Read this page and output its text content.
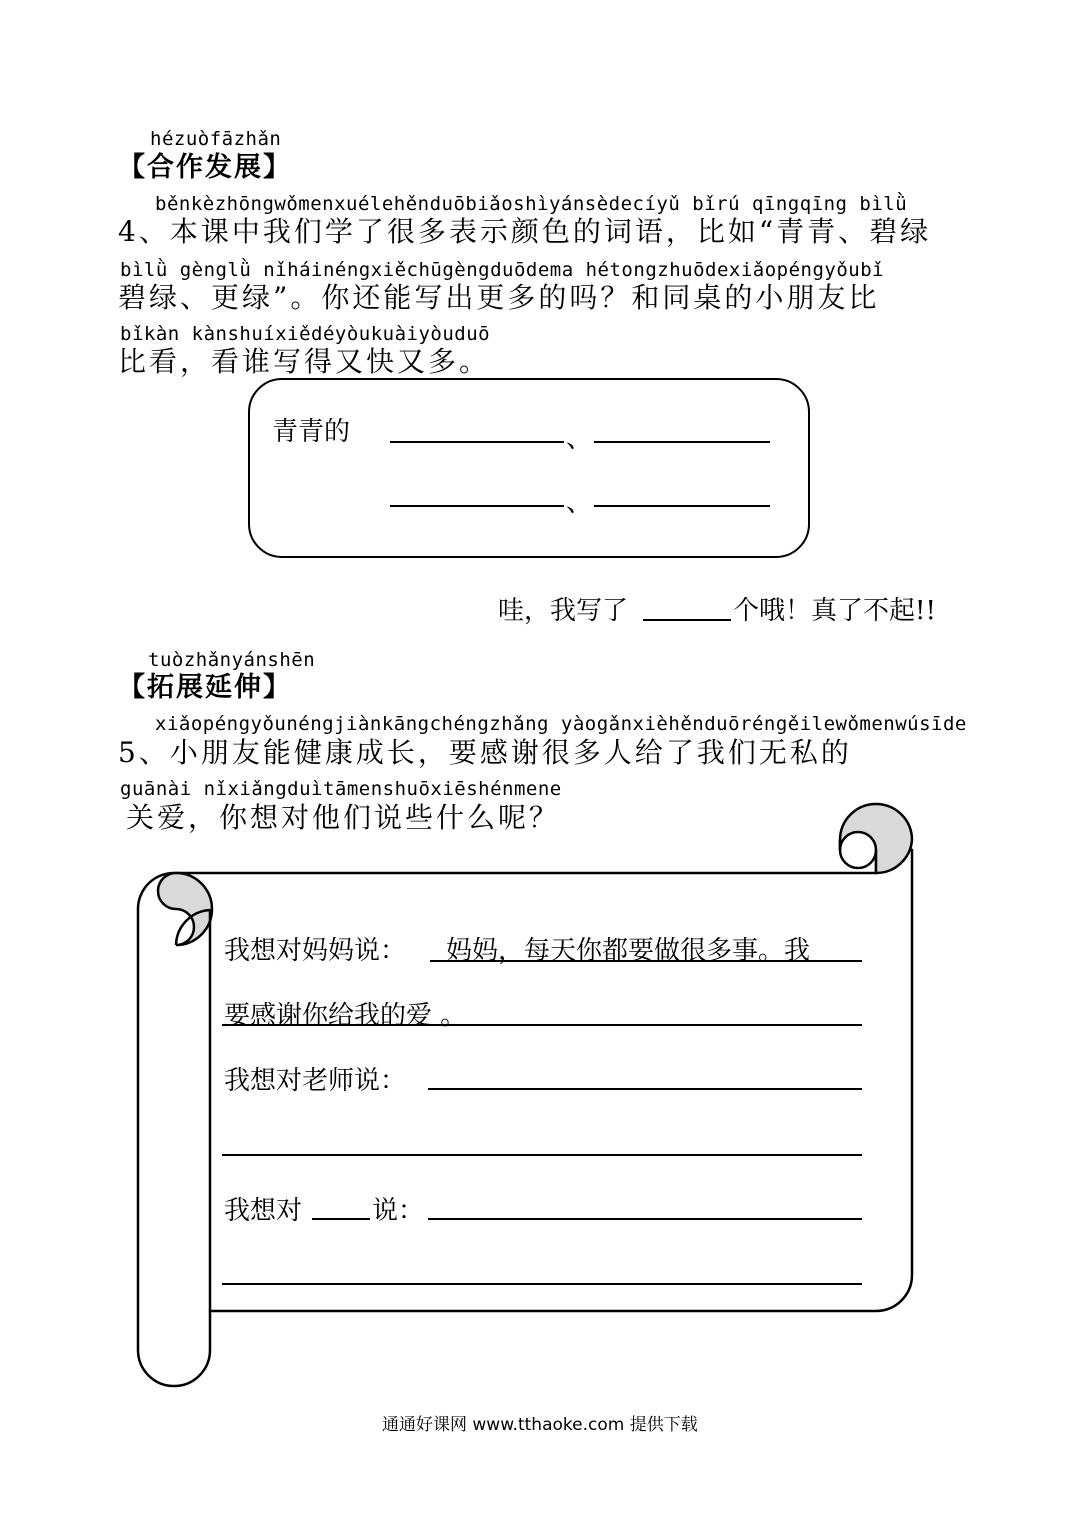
hézuòfāzhǎn
【合作发展】
běnkèzhōngwǒmenxuélehěnduōbiǎoshìyánsèdecíyǔ bǐrú qīngqīng bìlǜ
4、本课中我们学了很多表示颜色的词语，比如“青青、碧绿
bìlǜ gènglǜ nǐháinéngxiěchūgèngduōdema hétongzhuōdexiǎopéngyǒubǐ
碧绿、更绿”。你还能写出更多的吗？和同桌的小朋友比
bǐkàn kànshuíxiědéyòukuàiyòuduō
比看，看谁写得又快又多。
青青的	、
、
哇，我写了	个哦！真了不起!!
tuòzhǎnyánshēn
【拓展延伸】
xiǎopéngyǒunéngjiànkāngchéngzhǎng yàogǎnxièhěnduōréngěilewǒmenwúsīde
5、小朋友能健康成长，要感谢很多人给了我们无私的
guānài nǐxiǎngduìtāmenshuōxiēshénmene
关爱，你想对他们说些什么呢？
我想对妈妈说： 妈妈，每天你都要做很多事。我
要感谢你给我的爱 。
我想对老师说：
我想对	说：
通通好课网 www.tthaoke.com 提供下载
